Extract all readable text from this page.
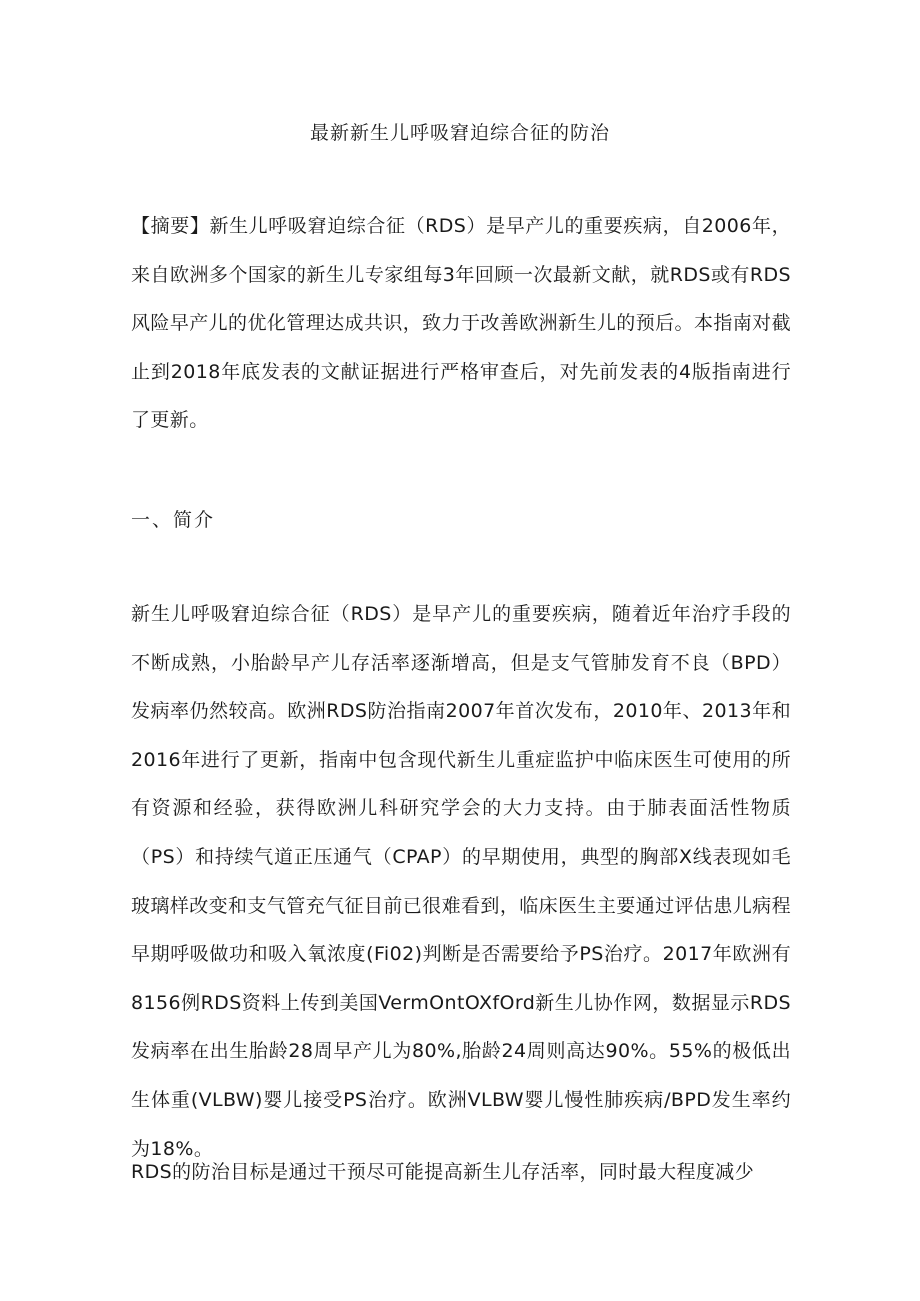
最新新生儿呼吸窘迫综合征的防治
【摘要】新生儿呼吸窘迫综合征（RDS）是早产儿的重要疾病，自2006年，来自欧洲多个国家的新生儿专家组每3年回顾一次最新文献，就RDS或有RDS风险早产儿的优化管理达成共识，致力于改善欧洲新生儿的预后。本指南对截止到2018年底发表的文献证据进行严格审查后，对先前发表的4版指南进行了更新。
一、简介
新生儿呼吸窘迫综合征（RDS）是早产儿的重要疾病，随着近年治疗手段的不断成熟，小胎龄早产儿存活率逐渐增高，但是支气管肺发育不良（BPD）发病率仍然较高。欧洲RDS防治指南2007年首次发布，2010年、2013年和2016年进行了更新，指南中包含现代新生儿重症监护中临床医生可使用的所有资源和经验，获得欧洲儿科研究学会的大力支持。由于肺表面活性物质（PS）和持续气道正压通气（CPAP）的早期使用，典型的胸部X线表现如毛玻璃样改变和支气管充气征目前已很难看到，临床医生主要通过评估患儿病程早期呼吸做功和吸入氧浓度(Fi02)判断是否需要给予PS治疗。2017年欧洲有8156例RDS资料上传到美国VermOntOXfOrd新生儿协作网，数据显示RDS发病率在出生胎龄28周早产儿为80%,胎龄24周则高达90%。55%的极低出生体重(VLBW)婴儿接受PS治疗。欧洲VLBW婴儿慢性肺疾病/BPD发生率约为18%。
RDS的防治目标是通过干预尽可能提高新生儿存活率，同时最大程度减少
